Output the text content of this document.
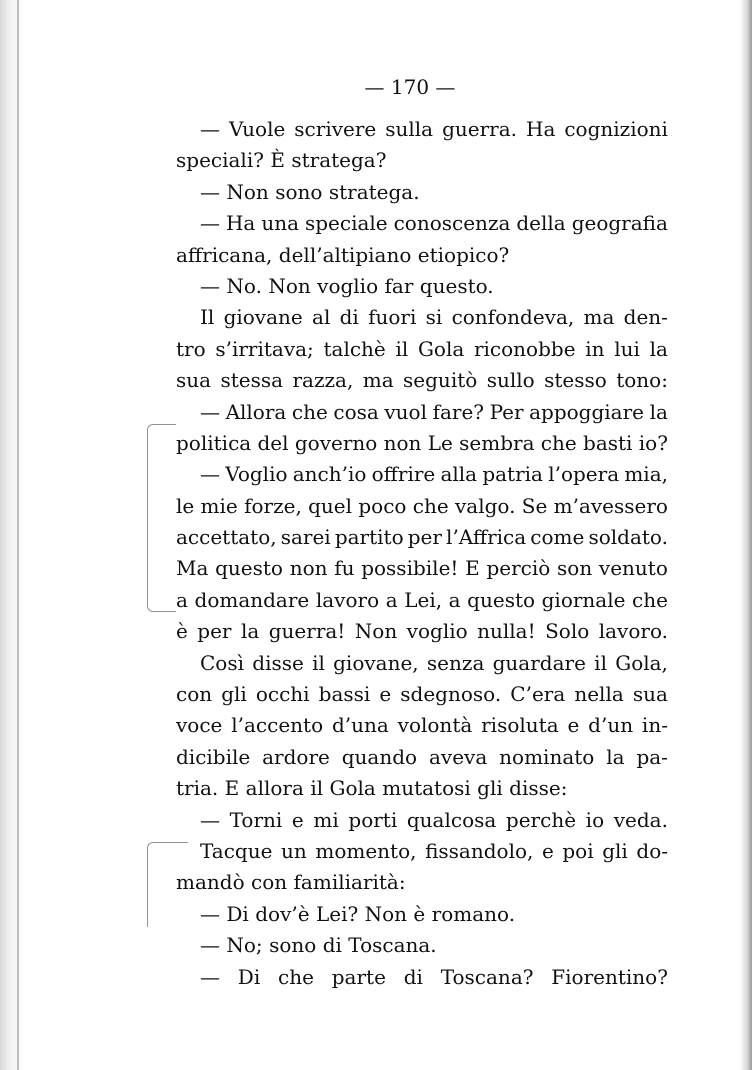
— 170 —
— Vuole scrivere sulla guerra. Ha cognizioni
speciali? È stratega?
— Non sono stratega.
— Ha una speciale conoscenza della geografia
affricana, dell’altipiano etiopico?
— No. Non voglio far questo.
Il giovane al di fuori si confondeva, ma den-
tro s’irritava; talchè il Gola riconobbe in lui la
sua stessa razza, ma seguitò sullo stesso tono:
— Allora che cosa vuol fare? Per appoggiare la
politica del governo non Le sembra che basti io?
— Voglio anch’io offrire alla patria l’opera mia,
le mie forze, quel poco che valgo. Se m’avessero
accettato, sarei partito per l’Affrica come soldato.
Ma questo non fu possibile! E perciò son venuto
a domandare lavoro a Lei, a questo giornale che
è per la guerra! Non voglio nulla! Solo lavoro.
Così disse il giovane, senza guardare il Gola,
con gli occhi bassi e sdegnoso. C’era nella sua
voce l’accento d’una volontà risoluta e d’un in-
dicibile ardore quando aveva nominato la pa-
tria. E allora il Gola mutatosi gli disse:
— Torni e mi porti qualcosa perchè io veda.
Tacque un momento, fissandolo, e poi gli do-
mandò con familiarità:
— Di dov’è Lei? Non è romano.
— No; sono di Toscana.
— Di che parte di Toscana? Fiorentino?
